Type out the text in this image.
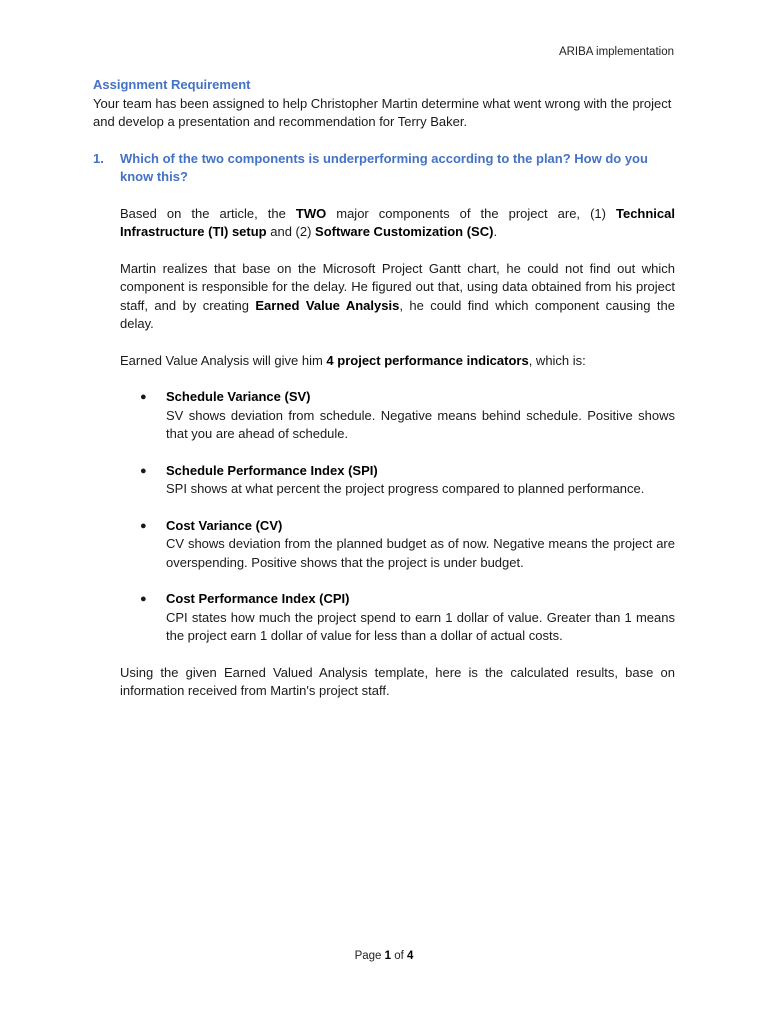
ARIBA implementation

Assignment Requirement

Your team has been assigned to help Christopher Martin determine what went wrong with the project and develop a presentation and recommendation for Terry Baker.

1.	Which of the two components is underperforming according to the plan? How do you know this?

Based on the article, the TWO major components of the project are, (1) Technical Infrastructure (TI) setup and (2) Software Customization (SC).

Martin realizes that base on the Microsoft Project Gantt chart, he could not find out which component is responsible for the delay. He figured out that, using data obtained from his project staff, and by creating Earned Value Analysis, he could find which component causing the delay.

Earned Value Analysis will give him 4 project performance indicators, which is:

●	Schedule Variance (SV)
SV shows deviation from schedule. Negative means behind schedule. Positive shows that you are ahead of schedule.
●	Schedule Performance Index (SPI)
SPI shows at what percent the project progress compared to planned performance.
●	Cost Variance (CV)
CV shows deviation from the planned budget as of now. Negative means the project are overspending. Positive shows that the project is under budget.
●	Cost Performance Index (CPI)
CPI states how much the project spend to earn 1 dollar of value. Greater than 1 means the project earn 1 dollar of value for less than a dollar of actual costs.

Using the given Earned Valued Analysis template, here is the calculated results, base on information received from Martin's project staff.

Page 1 of 4
